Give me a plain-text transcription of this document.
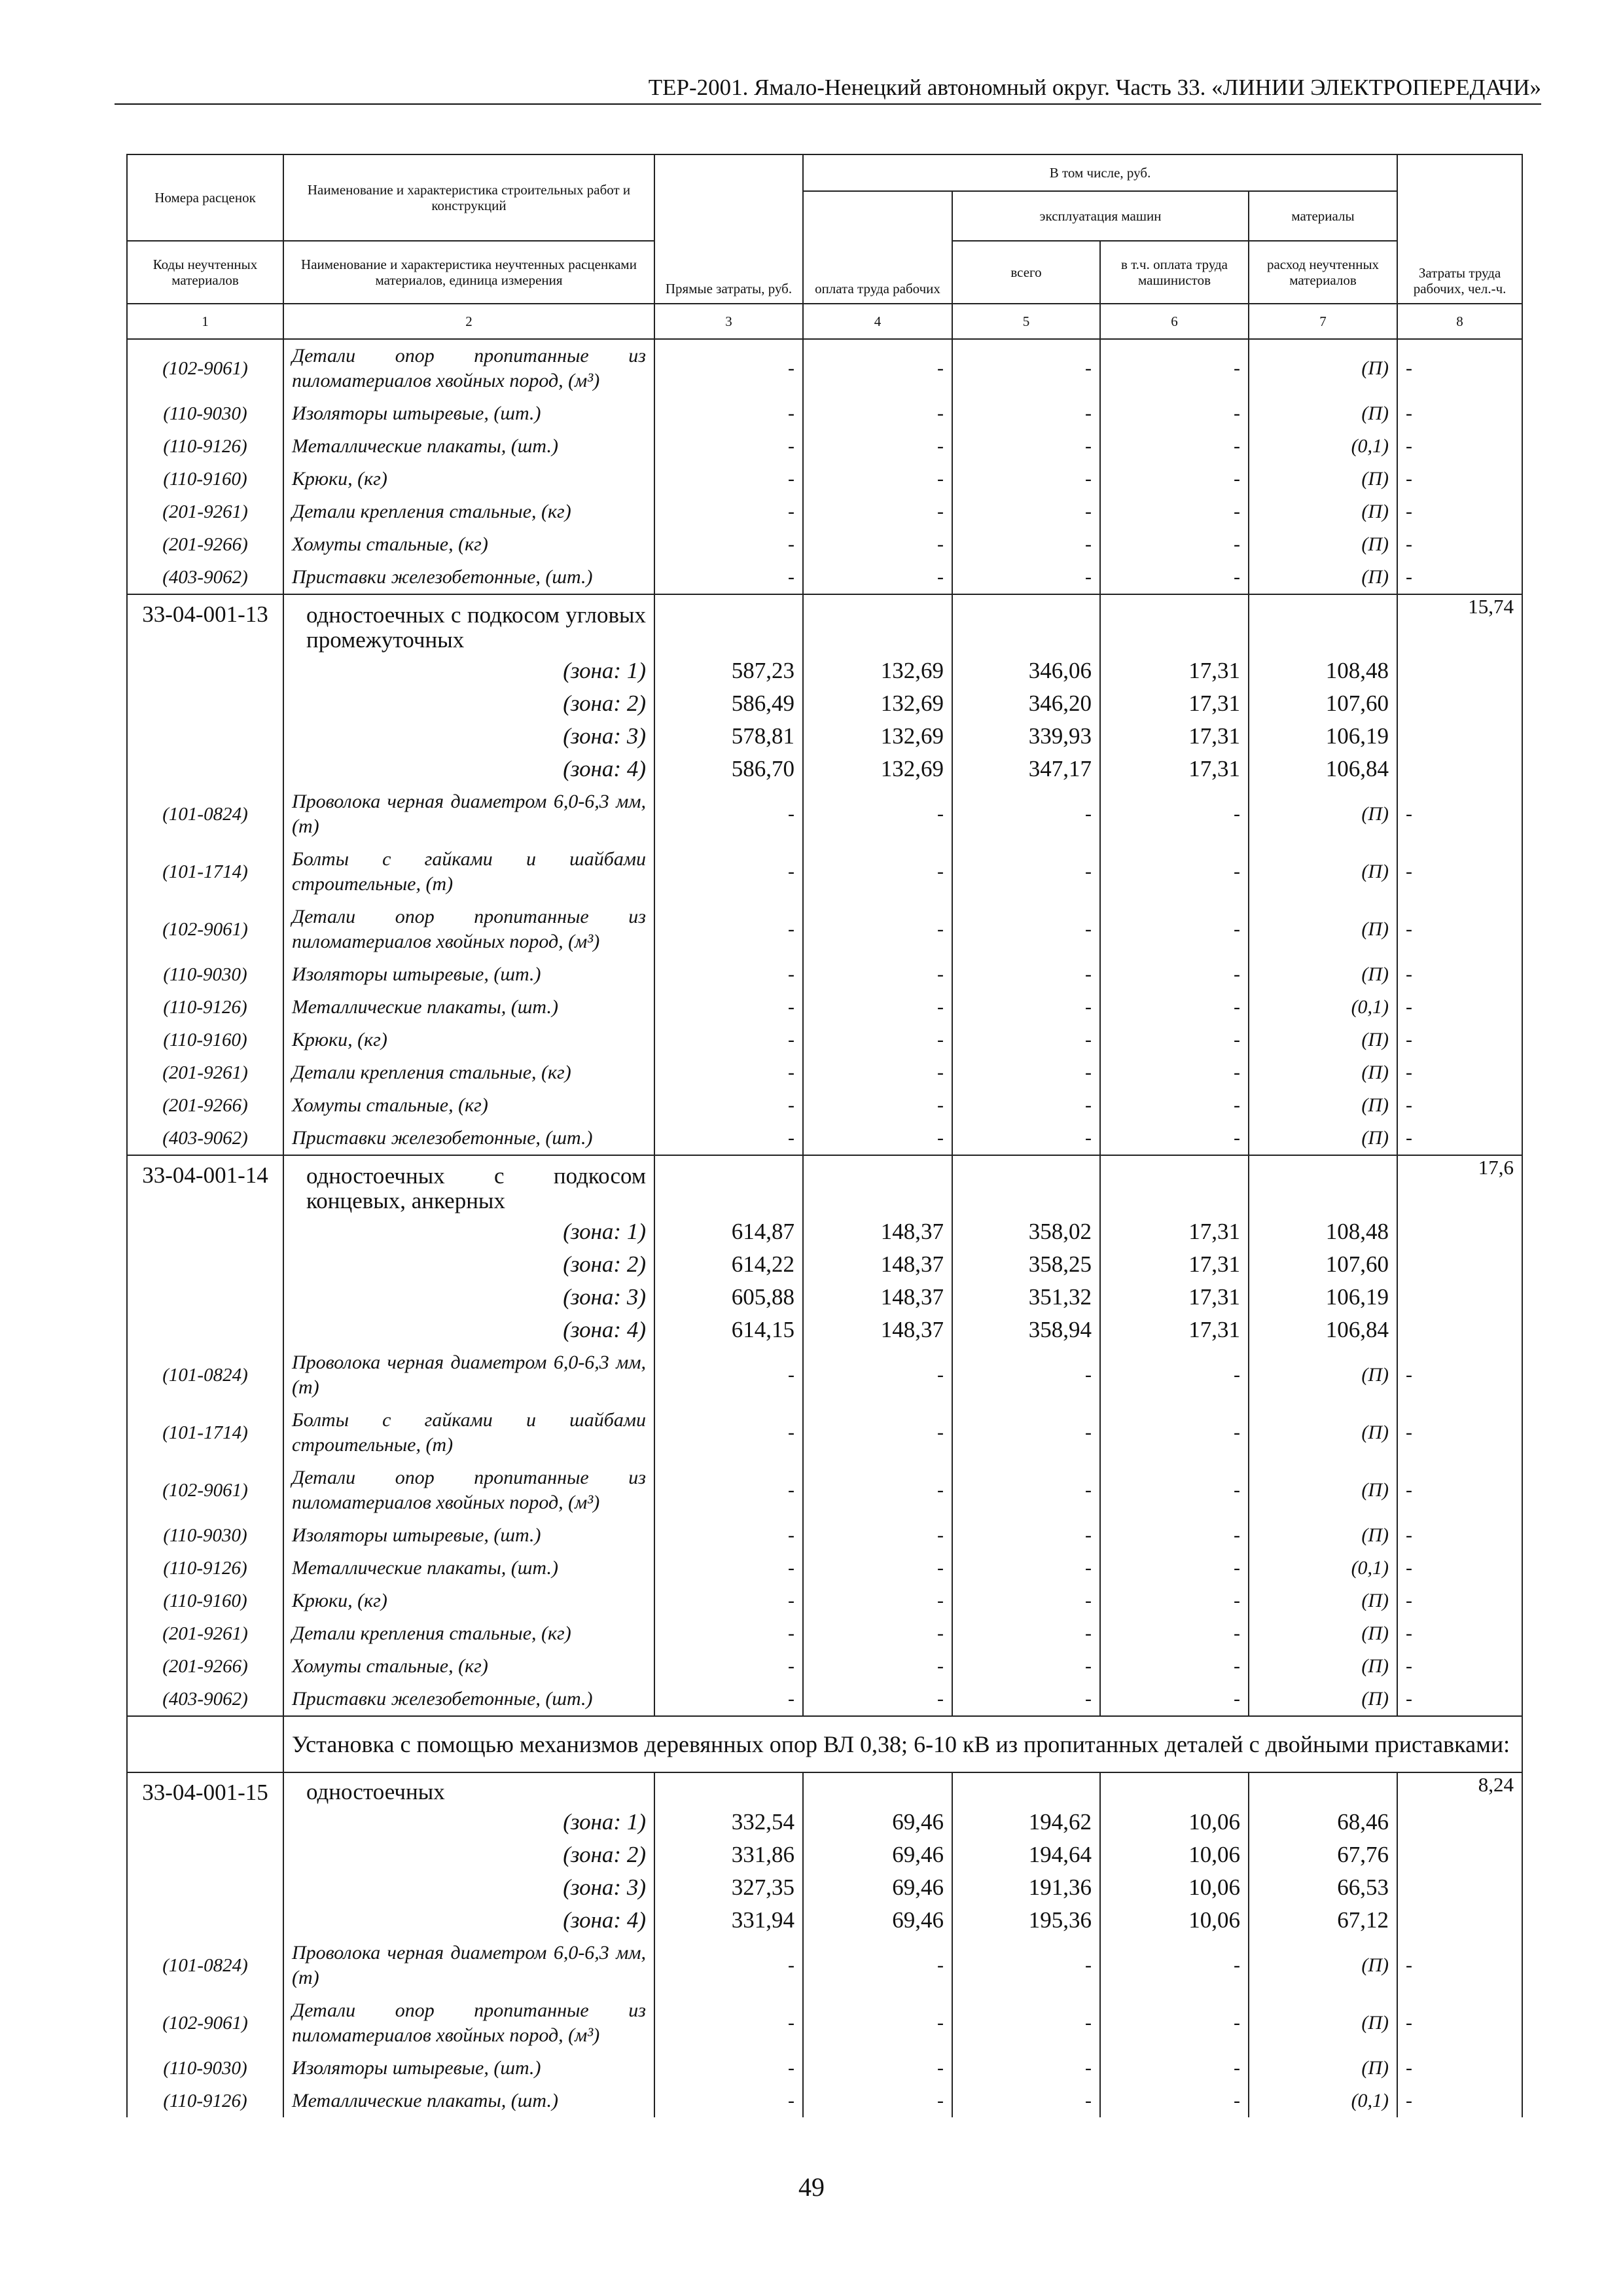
ТЕР-2001. Ямало-Ненецкий автономный округ. Часть 33. «ЛИНИИ ЭЛЕКТРОПЕРЕДАЧИ»
Номера расценок	Наименование и характеристика строительных работ и конструкций	Прямые затраты, руб.	В том числе, руб.				Затраты труда рабочих, чел.-ч.
			оплата труда рабочих	эксплуатация машин		материалы	
Коды неучтенных материалов	Наименование и характеристика неучтенных расценками материалов, единица измерения			всего	в т.ч. оплата труда машинистов	расход неучтенных материалов	
1	2	3	4	5	6	7	8
(102-9061)	Детали опор пропитанные из пиломатериалов хвойных пород, (м³)	-	-	-	-	(П)	-
(110-9030)	Изоляторы штыревые, (шт.)	-	-	-	-	(П)	-
(110-9126)	Металлические плакаты, (шт.)	-	-	-	-	(0,1)	-
(110-9160)	Крюки, (кг)	-	-	-	-	(П)	-
(201-9261)	Детали крепления стальные, (кг)	-	-	-	-	(П)	-
(201-9266)	Хомуты стальные, (кг)	-	-	-	-	(П)	-
(403-9062)	Приставки железобетонные, (шт.)	-	-	-	-	(П)	-
33-04-001-13	одностоечных с подкосом угловых промежуточных						15,74
	(зона: 1)	587,23	132,69	346,06	17,31	108,48	
	(зона: 2)	586,49	132,69	346,20	17,31	107,60	
	(зона: 3)	578,81	132,69	339,93	17,31	106,19	
	(зона: 4)	586,70	132,69	347,17	17,31	106,84	
(101-0824)	Проволока черная диаметром 6,0-6,3 мм, (т)	-	-	-	-	(П)	-
(101-1714)	Болты с гайками и шайбами строительные, (т)	-	-	-	-	(П)	-
(102-9061)	Детали опор пропитанные из пиломатериалов хвойных пород, (м³)	-	-	-	-	(П)	-
(110-9030)	Изоляторы штыревые, (шт.)	-	-	-	-	(П)	-
(110-9126)	Металлические плакаты, (шт.)	-	-	-	-	(0,1)	-
(110-9160)	Крюки, (кг)	-	-	-	-	(П)	-
(201-9261)	Детали крепления стальные, (кг)	-	-	-	-	(П)	-
(201-9266)	Хомуты стальные, (кг)	-	-	-	-	(П)	-
(403-9062)	Приставки железобетонные, (шт.)	-	-	-	-	(П)	-
33-04-001-14	одностоечных с подкосом концевых, анкерных						17,6
	(зона: 1)	614,87	148,37	358,02	17,31	108,48	
	(зона: 2)	614,22	148,37	358,25	17,31	107,60	
	(зона: 3)	605,88	148,37	351,32	17,31	106,19	
	(зона: 4)	614,15	148,37	358,94	17,31	106,84	
(101-0824)	Проволока черная диаметром 6,0-6,3 мм, (т)	-	-	-	-	(П)	-
(101-1714)	Болты с гайками и шайбами строительные, (т)	-	-	-	-	(П)	-
(102-9061)	Детали опор пропитанные из пиломатериалов хвойных пород, (м³)	-	-	-	-	(П)	-
(110-9030)	Изоляторы штыревые, (шт.)	-	-	-	-	(П)	-
(110-9126)	Металлические плакаты, (шт.)	-	-	-	-	(0,1)	-
(110-9160)	Крюки, (кг)	-	-	-	-	(П)	-
(201-9261)	Детали крепления стальные, (кг)	-	-	-	-	(П)	-
(201-9266)	Хомуты стальные, (кг)	-	-	-	-	(П)	-
(403-9062)	Приставки железобетонные, (шт.)	-	-	-	-	(П)	-
	Установка с помощью механизмов деревянных опор ВЛ 0,38; 6-10 кВ из пропитанных деталей с двойными приставками:						
33-04-001-15	одностоечных						8,24
	(зона: 1)	332,54	69,46	194,62	10,06	68,46	
	(зона: 2)	331,86	69,46	194,64	10,06	67,76	
	(зона: 3)	327,35	69,46	191,36	10,06	66,53	
	(зона: 4)	331,94	69,46	195,36	10,06	67,12	
(101-0824)	Проволока черная диаметром 6,0-6,3 мм, (т)	-	-	-	-	(П)	-
(102-9061)	Детали опор пропитанные из пиломатериалов хвойных пород, (м³)	-	-	-	-	(П)	-
(110-9030)	Изоляторы штыревые, (шт.)	-	-	-	-	(П)	-
(110-9126)	Металлические плакаты, (шт.)	-	-	-	-	(0,1)	-
49
